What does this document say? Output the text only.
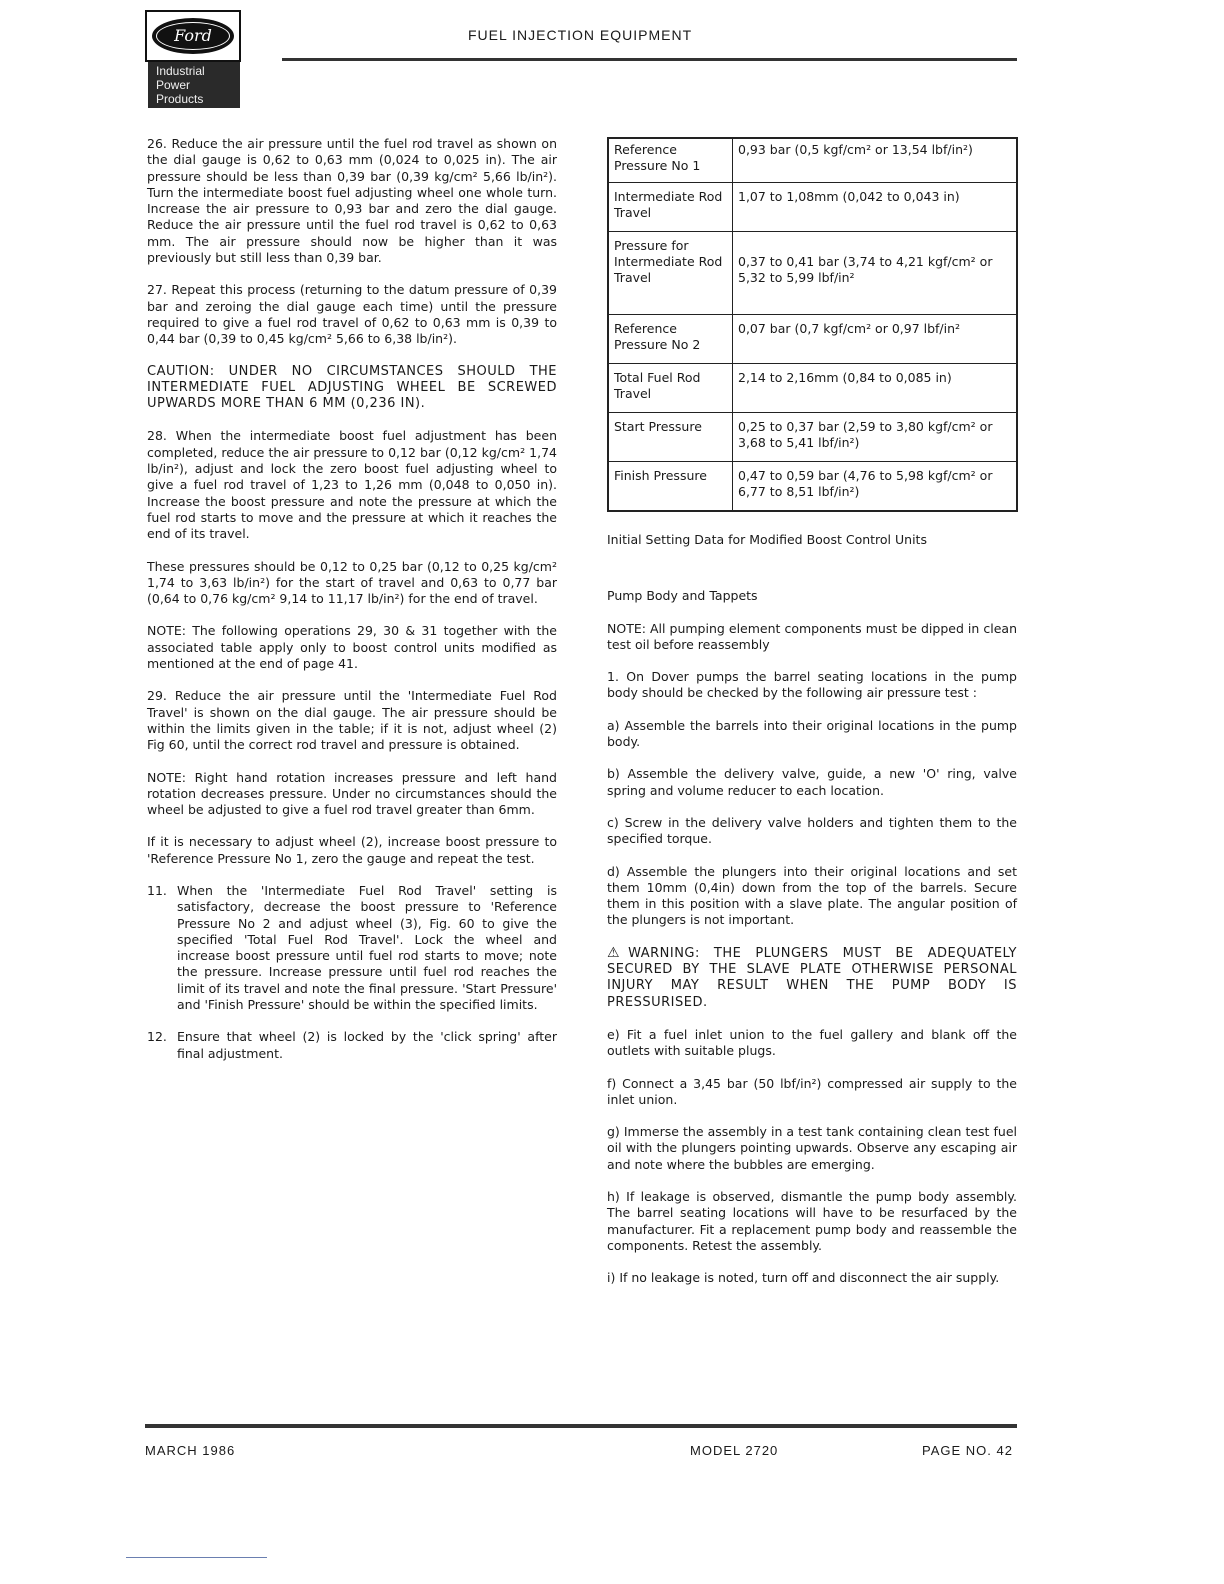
Ford
Industrial
Power
Products
FUEL INJECTION EQUIPMENT

26. Reduce the air pressure until the fuel rod travel as shown on the dial gauge is 0,62 to 0,63 mm (0,024 to 0,025 in). The air pressure should be less than 0,39 bar (0,39 kg/cm² 5,66 lb/in²). Turn the intermediate boost fuel adjusting wheel one whole turn. Increase the air pressure to 0,93 bar and zero the dial gauge. Reduce the air pressure until the fuel rod travel is 0,62 to 0,63 mm. The air pressure should now be higher than it was previously but still less than 0,39 bar.

27. Repeat this process (returning to the datum pressure of 0,39 bar and zeroing the dial gauge each time) until the pressure required to give a fuel rod travel of 0,62 to 0,63 mm is 0,39 to 0,44 bar (0,39 to 0,45 kg/cm² 5,66 to 6,38 lb/in²).

CAUTION: UNDER NO CIRCUMSTANCES SHOULD THE INTERMEDIATE FUEL ADJUSTING WHEEL BE SCREWED UPWARDS MORE THAN 6 MM (0,236 IN).

28. When the intermediate boost fuel adjustment has been completed, reduce the air pressure to 0,12 bar (0,12 kg/cm² 1,74 lb/in²), adjust and lock the zero boost fuel adjusting wheel to give a fuel rod travel of 1,23 to 1,26 mm (0,048 to 0,050 in). Increase the boost pressure and note the pressure at which the fuel rod starts to move and the pressure at which it reaches the end of its travel.

These pressures should be 0,12 to 0,25 bar (0,12 to 0,25 kg/cm² 1,74 to 3,63 lb/in²) for the start of travel and 0,63 to 0,77 bar (0,64 to 0,76 kg/cm² 9,14 to 11,17 lb/in²) for the end of travel.

NOTE: The following operations 29, 30 & 31 together with the associated table apply only to boost control units modified as mentioned at the end of page 41.

29. Reduce the air pressure until the 'Intermediate Fuel Rod Travel' is shown on the dial gauge. The air pressure should be within the limits given in the table; if it is not, adjust wheel (2) Fig 60, until the correct rod travel and pressure is obtained.

NOTE: Right hand rotation increases pressure and left hand rotation decreases pressure. Under no circumstances should the wheel be adjusted to give a fuel rod travel greater than 6mm.

If it is necessary to adjust wheel (2), increase boost pressure to 'Reference Pressure No 1, zero the gauge and repeat the test.

11. When the 'Intermediate Fuel Rod Travel' setting is satisfactory, decrease the boost pressure to 'Reference Pressure No 2 and adjust wheel (3), Fig. 60 to give the specified 'Total Fuel Rod Travel'. Lock the wheel and increase boost pressure until fuel rod starts to move; note the pressure. Increase pressure until fuel rod reaches the limit of its travel and note the final pressure. 'Start Pressure' and 'Finish Pressure' should be within the specified limits.
12. Ensure that wheel (2) is locked by the 'click spring' after final adjustment.
Reference Pressure No 1	0,93 bar (0,5 kgf/cm² or 13,54 lbf/in²)
Intermediate Rod Travel	1,07 to 1,08mm (0,042 to 0,043 in)
Pressure for Intermediate Rod Travel	0,37 to 0,41 bar (3,74 to 4,21 kgf/cm² or 5,32 to 5,99 lbf/in²
Reference Pressure No 2	0,07 bar (0,7 kgf/cm² or 0,97 lbf/in²
Total Fuel Rod Travel	2,14 to 2,16mm (0,84 to 0,085 in)
Start Pressure	0,25 to 0,37 bar (2,59 to 3,80 kgf/cm² or 3,68 to 5,41 lbf/in²)
Finish Pressure	0,47 to 0,59 bar (4,76 to 5,98 kgf/cm² or 6,77 to 8,51 lbf/in²)

Initial Setting Data for Modified Boost Control Units

Pump Body and Tappets

NOTE: All pumping element components must be dipped in clean test oil before reassembly

1. On Dover pumps the barrel seating locations in the pump body should be checked by the following air pressure test :

a) Assemble the barrels into their original locations in the pump body.

b) Assemble the delivery valve, guide, a new 'O' ring, valve spring and volume reducer to each location.

c) Screw in the delivery valve holders and tighten them to the specified torque.

d) Assemble the plungers into their original locations and set them 10mm (0,4in) down from the top of the barrels. Secure them in this position with a slave plate. The angular position of the plungers is not important.

⚠ WARNING: THE PLUNGERS MUST BE ADEQUATELY SECURED BY THE SLAVE PLATE OTHERWISE PERSONAL INJURY MAY RESULT WHEN THE PUMP BODY IS PRESSURISED.

e) Fit a fuel inlet union to the fuel gallery and blank off the outlets with suitable plugs.

f) Connect a 3,45 bar (50 lbf/in²) compressed air supply to the inlet union.

g) Immerse the assembly in a test tank containing clean test fuel oil with the plungers pointing upwards. Observe any escaping air and note where the bubbles are emerging.

h) If leakage is observed, dismantle the pump body assembly. The barrel seating locations will have to be resurfaced by the manufacturer. Fit a replacement pump body and reassemble the components. Retest the assembly.

i) If no leakage is noted, turn off and disconnect the air supply.

MARCH 1986	MODEL 2720	PAGE NO. 42
